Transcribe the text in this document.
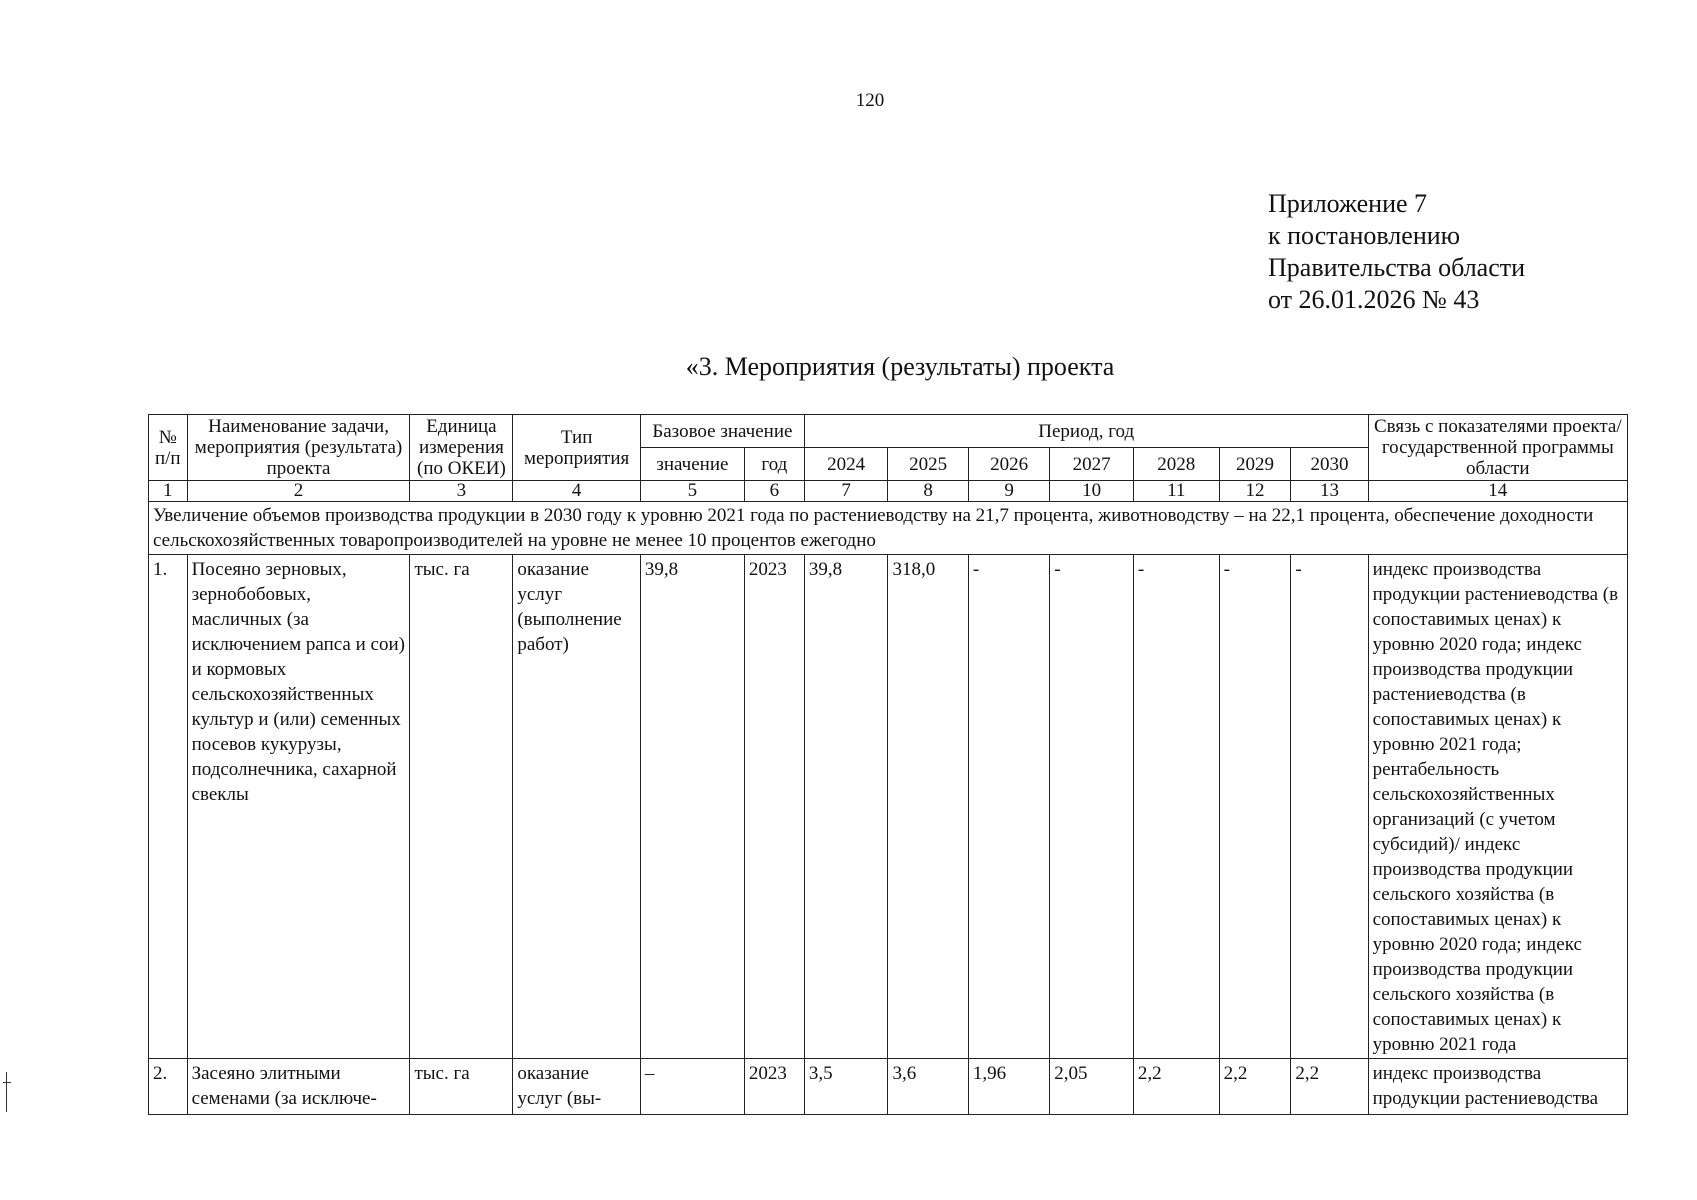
120
Приложение 7
к постановлению
Правительства области
от 26.01.2026 № 43
«3. Мероприятия (результаты) проекта
№ п/п	Наименование задачи, мероприятия (результата) проекта	Единица измерения (по ОКЕИ)	Тип мероприятия	Базовое значение		Период, год							Связь с показателями проекта/государственной программы области
				значение	год	2024	2025	2026	2027	2028	2029	2030	
1	2	3	4	5	6	7	8	9	10	11	12	13	14
Увеличение объемов производства продукции в 2030 году к уровню 2021 года по растениеводству на 21,7 процента, животноводству – на 22,1 процента, обеспечение доходности сельскохозяйственных товаропроизводителей на уровне не менее 10 процентов ежегодно													
1.	Посеяно зерновых, зернобобовых, масличных (за исключением рапса и сои) и кормовых сельскохозяйственных культур и (или) семенных посевов кукурузы, подсолнечника, сахарной свеклы	тыс. га	оказание услуг (выполнение работ)	39,8	2023	39,8	318,0	-	-	-	-	-	индекс производства продукции растениеводства (в сопоставимых ценах) к уровню 2020 года; индекс производства продукции растениеводства (в сопоставимых ценах) к уровню 2021 года; рентабельность сельскохозяйственных организаций (с учетом субсидий)/ индекс производства продукции сельского хозяйства (в сопоставимых ценах) к уровню 2020 года; индекс производства продукции сельского хозяйства (в сопоставимых ценах) к уровню 2021 года
2.	Засеяно элитными семенами (за исключе-	тыс. га	оказание услуг (вы-	–	2023	3,5	3,6	1,96	2,05	2,2	2,2	2,2	индекс производства продукции растениеводства
